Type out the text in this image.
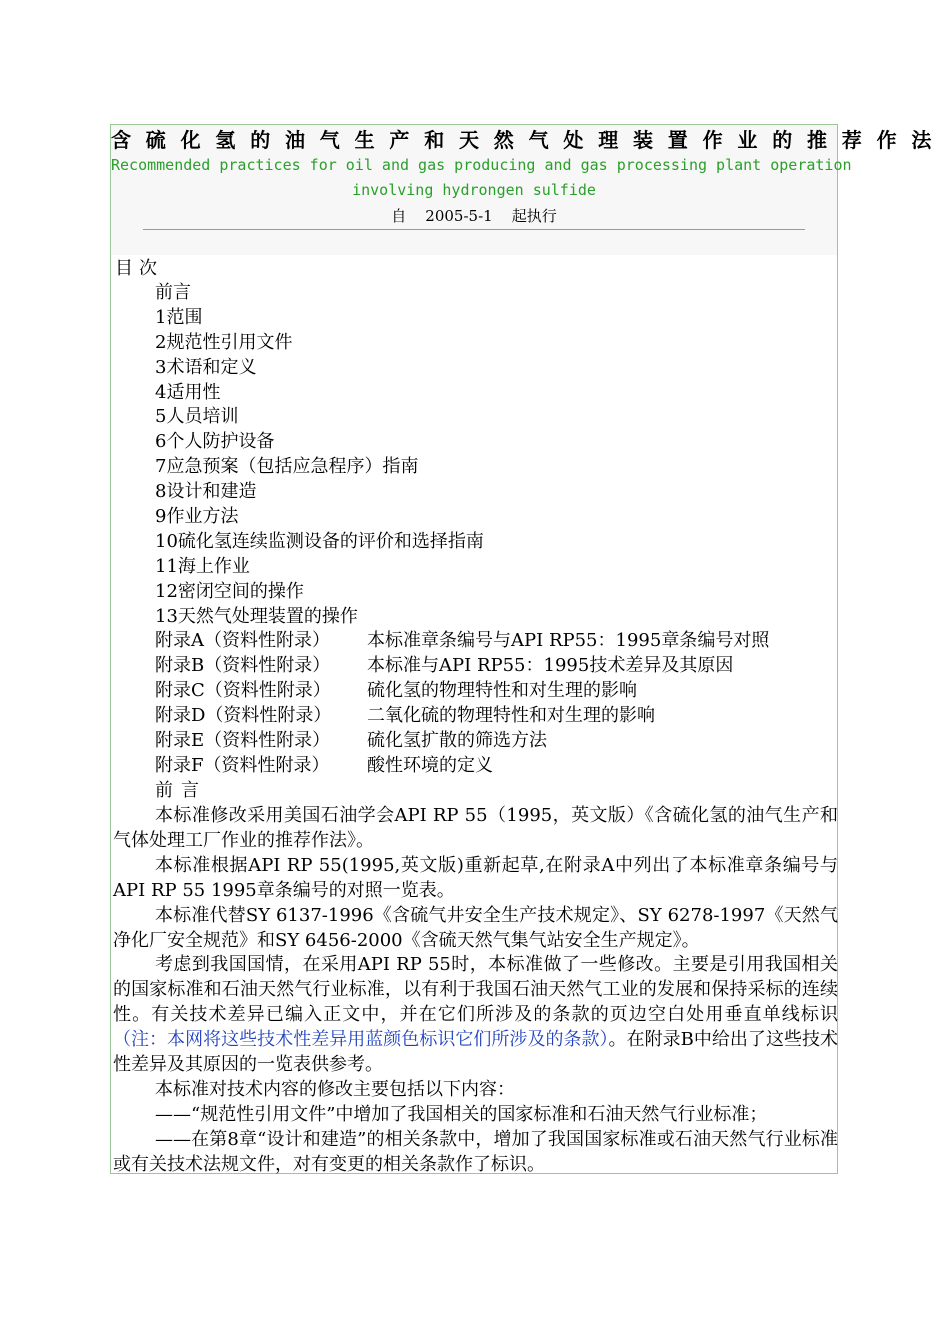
含硫化氢的油气生产和天然气处理装置作业的推荐作法
Recommended practices for oil and gas producing and gas processing plant operation
involving hydrongen sulfide
自    2005-5-1    起执行
目次
前言
1范围
2规范性引用文件
3术语和定义
4适用性
5人员培训
6个人防护设备
7应急预案（包括应急程序）指南
8设计和建造
9作业方法
10硫化氢连续监测设备的评价和选择指南
11海上作业
12密闭空间的操作
13天然气处理装置的操作
附录A（资料性附录） 本标准章条编号与API RP55：1995章条编号对照
附录B（资料性附录） 本标准与API RP55：1995技术差异及其原因
附录C（资料性附录） 硫化氢的物理特性和对生理的影响
附录D（资料性附录） 二氧化硫的物理特性和对生理的影响
附录E（资料性附录） 硫化氢扩散的筛选方法
附录F（资料性附录） 酸性环境的定义
前言

本标准修改采用美国石油学会API RP 55（1995，英文版）《含硫化氢的油气生产和气体处理工厂作业的推荐作法》。

本标准根据API RP 55(1995,英文版)重新起草,在附录A中列出了本标准章条编号与API RP 55 1995章条编号的对照一览表。

本标准代替SY 6137-1996《含硫气井安全生产技术规定》、SY 6278-1997《天然气净化厂安全规范》和SY 6456-2000《含硫天然气集气站安全生产规定》。

考虑到我国国情，在采用API RP 55时，本标准做了一些修改。主要是引用我国相关的国家标准和石油天然气行业标准，以有利于我国石油天然气工业的发展和保持采标的连续性。有关技术差异已编入正文中，并在它们所涉及的条款的页边空白处用垂直单线标识（注：本网将这些技术性差异用蓝颜色标识它们所涉及的条款）。在附录B中给出了这些技术性差异及其原因的一览表供参考。

本标准对技术内容的修改主要包括以下内容：

——“规范性引用文件”中增加了我国相关的国家标准和石油天然气行业标准；

——在第8章“设计和建造”的相关条款中，增加了我国国家标准或石油天然气行业标准或有关技术法规文件，对有变更的相关条款作了标识。
